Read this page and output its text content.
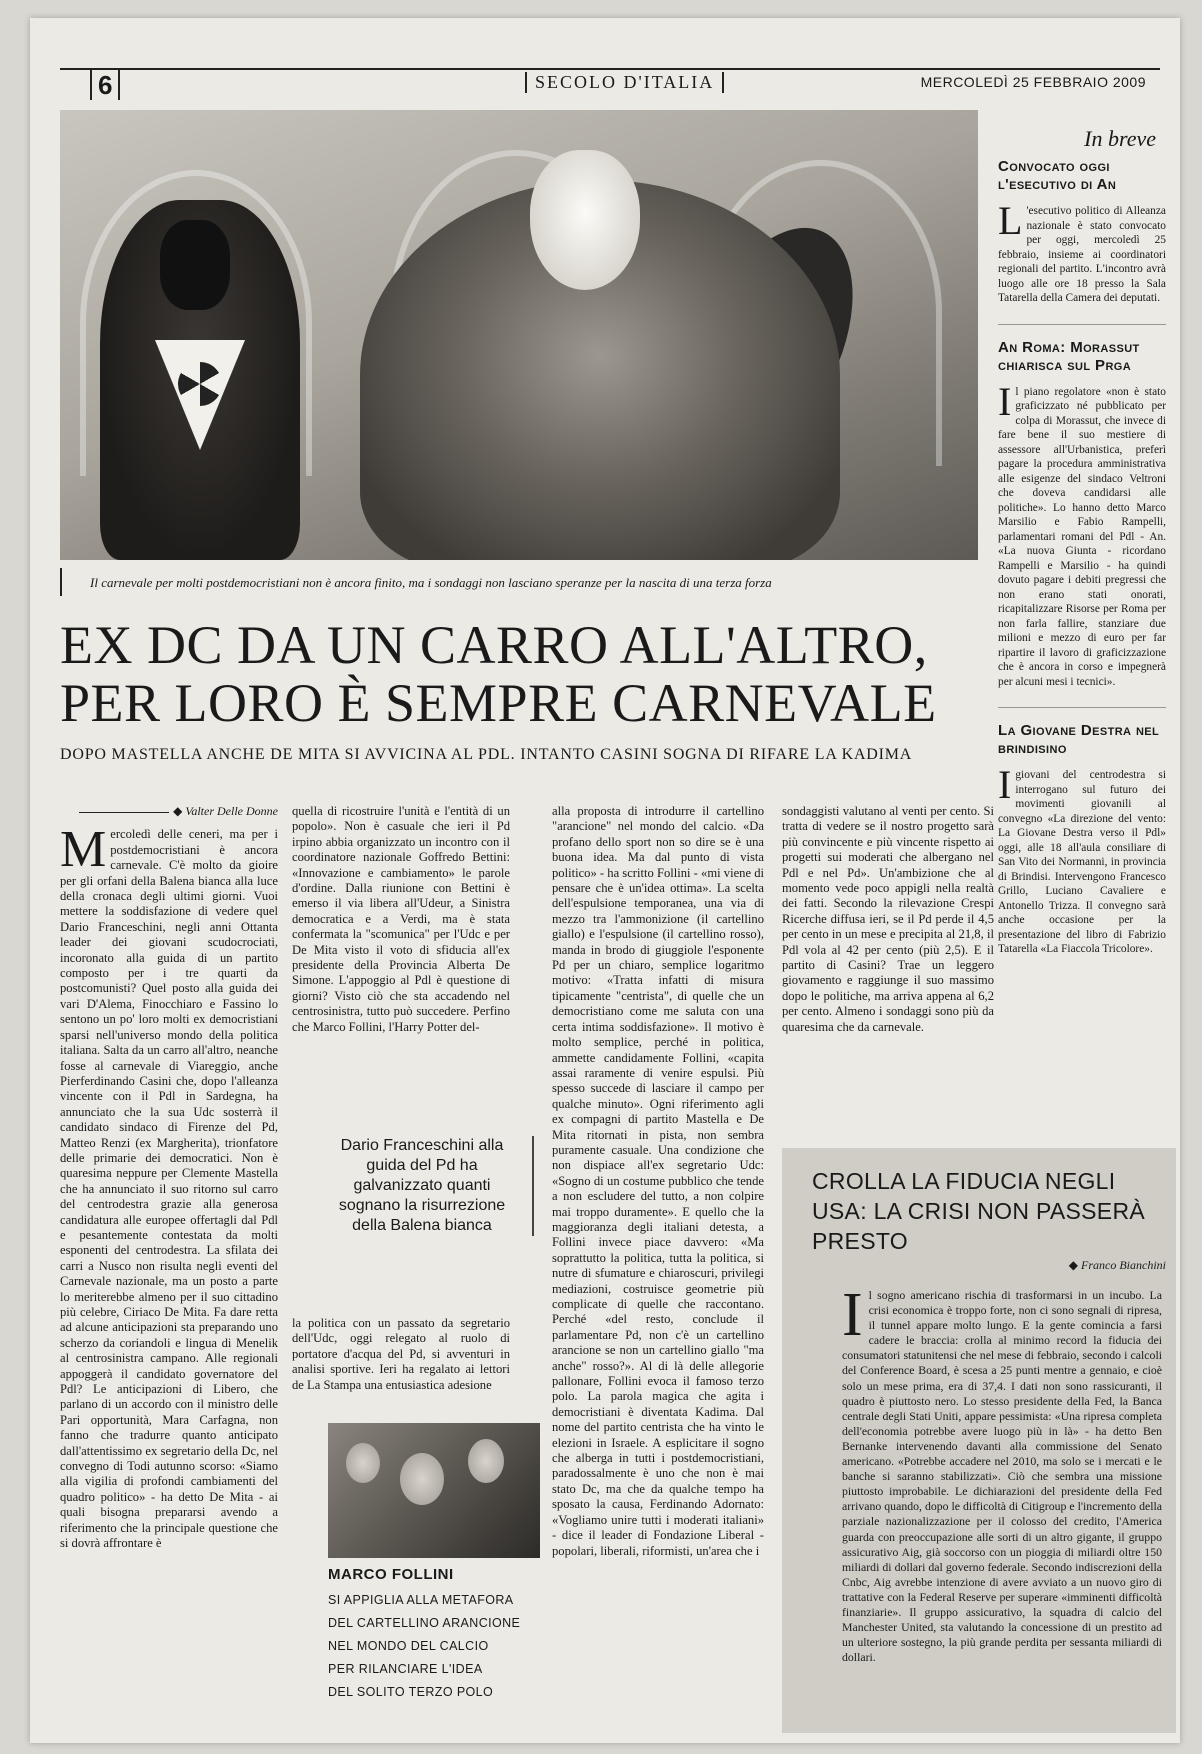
6	SECOLO D'ITALIA	MERCOLEDÌ 25 FEBBRAIO 2009
Il carnevale per molti postdemocristiani non è ancora finito, ma i sondaggi non lasciano speranze per la nascita di una terza forza
EX DC DA UN CARRO ALL'ALTRO,
PER LORO È SEMPRE CARNEVALE
DOPO MASTELLA ANCHE DE MITA SI AVVICINA AL PDL. INTANTO CASINI SOGNA DI RIFARE LA KADIMA
◆ Valter Delle Donne

Mercoledì delle ceneri, ma per i postdemocristiani è ancora carnevale. C'è molto da gioire per gli orfani della Balena bianca alla luce della cronaca degli ultimi giorni. Vuoi mettere la soddisfazione di vedere quel Dario Franceschini, negli anni Ottanta leader dei giovani scudocrociati, incoronato alla guida di un partito composto per i tre quarti da postcomunisti? Quel posto alla guida dei vari D'Alema, Finocchiaro e Fassino lo sentono un po' loro molti ex democristiani sparsi nell'universo mondo della politica italiana. Salta da un carro all'altro, neanche fosse al carnevale di Viareggio, anche Pierferdinando Casini che, dopo l'alleanza vincente con il Pdl in Sardegna, ha annunciato che la sua Udc sosterrà il candidato sindaco di Firenze del Pd, Matteo Renzi (ex Margherita), trionfatore delle primarie dei democratici. Non è quaresima neppure per Clemente Mastella che ha annunciato il suo ritorno sul carro del centrodestra grazie alla generosa candidatura alle europee offertagli dal Pdl e pesantemente contestata da molti esponenti del centrodestra. La sfilata dei carri a Nusco non risulta negli eventi del Carnevale nazionale, ma un posto a parte lo meriterebbe almeno per il suo cittadino più celebre, Ciriaco De Mita. Fa dare retta ad alcune anticipazioni sta preparando uno scherzo da coriandoli e lingua di Menelik al centrosinistra campano. Alle regionali appoggerà il candidato governatore del Pdl? Le anticipazioni di Libero, che parlano di un accordo con il ministro delle Pari opportunità, Mara Carfagna, non fanno che tradurre quanto anticipato dall'attentissimo ex segretario della Dc, nel convegno di Todi autunno scorso: «Siamo alla vigilia di profondi cambiamenti del quadro politico» - ha detto De Mita - ai quali bisogna prepararsi avendo a riferimento che la principale questione che si dovrà affrontare è

quella di ricostruire l'unità e l'entità di un popolo». Non è casuale che ieri il Pd irpino abbia organizzato un incontro con il coordinatore nazionale Goffredo Bettini: «Innovazione e cambiamento» le parole d'ordine. Dalla riunione con Bettini è emerso il via libera all'Udeur, a Sinistra democratica e a Verdi, ma è stata confermata la "scomunica" per l'Udc e per De Mita visto il voto di sfiducia all'ex presidente della Provincia Alberta De Simone. L'appoggio al Pdl è questione di giorni? Visto ciò che sta accadendo nel centrosinistra, tutto può succedere. Perfino che Marco Follini, l'Harry Potter del-

Dario Franceschini alla guida del Pd ha galvanizzato quanti sognano la risurrezione della Balena bianca

la politica con un passato da segretario dell'Udc, oggi relegato al ruolo di portatore d'acqua del Pd, si avventuri in analisi sportive. Ieri ha regalato ai lettori de La Stampa una entusiastica adesione

MARCO FOLLINI
SI APPIGLIA ALLA METAFORA
DEL CARTELLINO ARANCIONE
NEL MONDO DEL CALCIO
PER RILANCIARE L'IDEA
DEL SOLITO TERZO POLO

alla proposta di introdurre il cartellino "arancione" nel mondo del calcio. «Da profano dello sport non so dire se è una buona idea. Ma dal punto di vista politico» - ha scritto Follini - «mi viene di pensare che è un'idea ottima». La scelta dell'espulsione temporanea, una via di mezzo tra l'ammonizione (il cartellino giallo) e l'espulsione (il cartellino rosso), manda in brodo di giuggiole l'esponente Pd per un chiaro, semplice logaritmo motivo: «Tratta infatti di misura tipicamente "centrista", di quelle che un democristiano come me saluta con una certa intima soddisfazione». Il motivo è molto semplice, perché in politica, ammette candidamente Follini, «capita assai raramente di venire espulsi. Più spesso succede di lasciare il campo per qualche minuto». Ogni riferimento agli ex compagni di partito Mastella e De Mita ritornati in pista, non sembra puramente casuale. Una condizione che non dispiace all'ex segretario Udc: «Sogno di un costume pubblico che tende a non escludere del tutto, a non colpire mai troppo duramente». E quello che la maggioranza degli italiani detesta, a Follini invece piace davvero: «Ma soprattutto la politica, tutta la politica, si nutre di sfumature e chiaroscuri, privilegi mediazioni, costruisce geometrie più complicate di quelle che raccontano. Perché «del resto, conclude il parlamentare Pd, non c'è un cartellino arancione se non un cartellino giallo "ma anche" rosso?». Al di là delle allegorie pallonare, Follini evoca il famoso terzo polo. La parola magica che agita i democristiani è diventata Kadima. Dal nome del partito centrista che ha vinto le elezioni in Israele. A esplicitare il sogno che alberga in tutti i postdemocristiani, paradossalmente è uno che non è mai stato Dc, ma che da qualche tempo ha sposato la causa, Ferdinando Adornato: «Vogliamo unire tutti i moderati italiani» - dice il leader di Fondazione Liberal - popolari, liberali, riformisti, un'area che i

sondaggisti valutano al venti per cento. Si tratta di vedere se il nostro progetto sarà più convincente e più vincente rispetto ai progetti sui moderati che albergano nel Pdl e nel Pd». Un'ambizione che al momento vede poco appigli nella realtà dei fatti. Secondo la rilevazione Crespi Ricerche diffusa ieri, se il Pd perde il 4,5 per cento in un mese e precipita al 21,8, il Pdl vola al 42 per cento (più 2,5). E il partito di Casini? Trae un leggero giovamento e raggiunge il suo massimo dopo le politiche, ma arriva appena al 6,2 per cento. Almeno i sondaggi sono più da quaresima che da carnevale.

In breve
Convocato oggi l'esecutivo di An
L 'esecutivo politico di Alleanza nazionale è stato convocato per oggi, mercoledì 25 febbraio, insieme ai coordinatori regionali del partito. L'incontro avrà luogo alle ore 18 presso la Sala Tatarella della Camera dei deputati.
An Roma: Morassut chiarisca sul Prga
Il piano regolatore «non è stato graficizzato né pubblicato per colpa di Morassut, che invece di fare bene il suo mestiere di assessore all'Urbanistica, preferì pagare la procedura amministrativa alle esigenze del sindaco Veltroni che doveva candidarsi alle politiche». Lo hanno detto Marco Marsilio e Fabio Rampelli, parlamentari romani del Pdl - An. «La nuova Giunta - ricordano Rampelli e Marsilio - ha quindi dovuto pagare i debiti pregressi che non erano stati onorati, ricapitalizzare Risorse per Roma per non farla fallire, stanziare due milioni e mezzo di euro per far ripartire il lavoro di graficizzazione che è ancora in corso e impegnerà per alcuni mesi i tecnici».
La Giovane Destra nel brindisino
I giovani del centrodestra si interrogano sul futuro dei movimenti giovanili al convegno «La direzione del vento: La Giovane Destra verso il Pdl» oggi, alle 18 all'aula consiliare di San Vito dei Normanni, in provincia di Brindisi. Intervengono Francesco Grillo, Luciano Cavaliere e Antonello Trizza. Il convegno sarà anche occasione per la presentazione del libro di Fabrizio Tatarella «La Fiaccola Tricolore».
CROLLA LA FIDUCIA NEGLI USA: LA CRISI NON PASSERÀ PRESTO
◆ Franco Bianchini
Il sogno americano rischia di trasformarsi in un incubo. La crisi economica è troppo forte, non ci sono segnali di ripresa, il tunnel appare molto lungo. E la gente comincia a farsi cadere le braccia: crolla al minimo record la fiducia dei consumatori statunitensi che nel mese di febbraio, secondo i calcoli del Conference Board, è scesa a 25 punti mentre a gennaio, e cioè solo un mese prima, era di 37,4. I dati non sono rassicuranti, il quadro è piuttosto nero. Lo stesso presidente della Fed, la Banca centrale degli Stati Uniti, appare pessimista: «Una ripresa completa dell'economia potrebbe avere luogo più in là» - ha detto Ben Bernanke intervenendo davanti alla commissione del Senato americano. «Potrebbe accadere nel 2010, ma solo se i mercati e le banche si saranno stabilizzati». Ciò che sembra una missione piuttosto improbabile. Le dichiarazioni del presidente della Fed arrivano quando, dopo le difficoltà di Citigroup e l'incremento della parziale nazionalizzazione per il colosso del credito, l'America guarda con preoccupazione alle sorti di un altro gigante, il gruppo assicurativo Aig, già soccorso con un pioggia di miliardi oltre 150 miliardi di dollari dal governo federale. Secondo indiscrezioni della Cnbc, Aig avrebbe intenzione di avere avviato a un nuovo giro di trattative con la Federal Reserve per superare «imminenti difficoltà finanziarie». Il gruppo assicurativo, la squadra di calcio del Manchester United, sta valutando la concessione di un prestito ad un ulteriore sostegno, la più grande perdita per sessanta miliardi di dollari.
